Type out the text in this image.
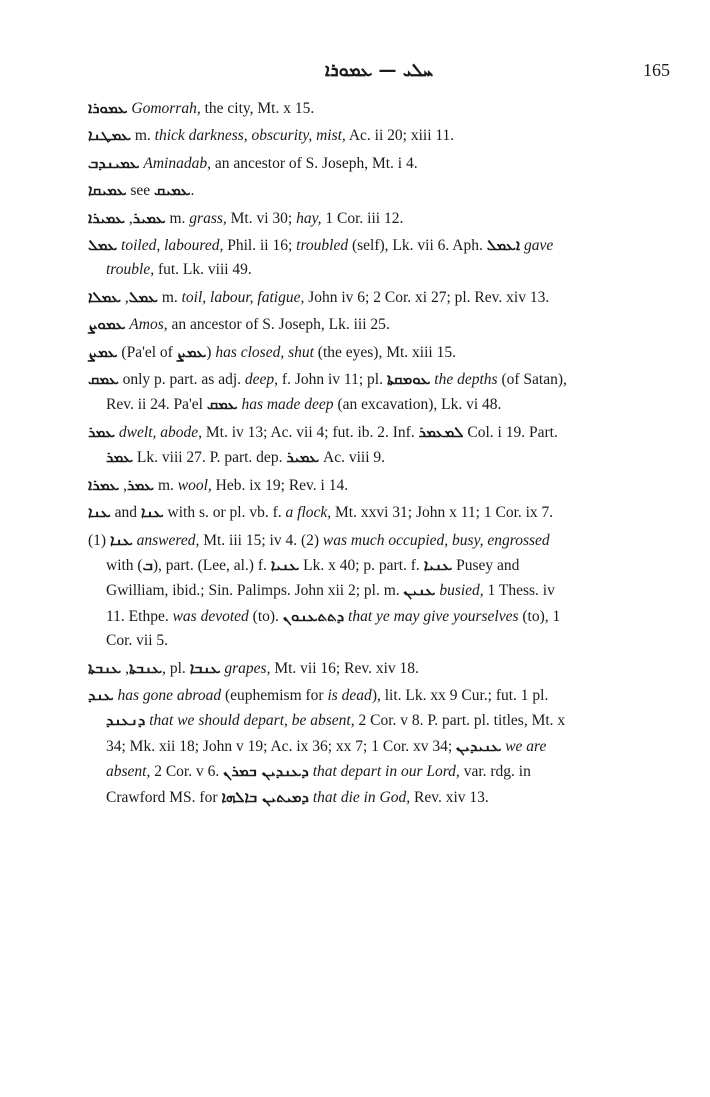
ܚܠܝ — ܥܡܘܪܐ	165
ܥܡܘܪܐ Gomorrah, the city, Mt. x 15.
ܥܡܛܢܐ m. thick darkness, obscurity, mist, Ac. ii 20; xiii 11.
ܥܡܝܢܕܒ Aminadab, an ancestor of S. Joseph, Mt. i 4.
ܥܡܝܩܐ see ܥܡܝܩ.
ܥܡܝܪ, ܥܡܝܪܐ	m. grass, Mt. vi 30; hay, 1 Cor. iii 12.
ܥܡܠ toiled, laboured, Phil. ii 16; troubled (self), Lk. vii 6. Aph. ܐܥܡܠ gave trouble, fut. Lk. viii 49.
ܥܡܠ, ܥܡܠܐ m. toil, labour, fatigue, John iv 6; 2 Cor. xi 27; pl. Rev. xiv 13.
ܥܡܘܨ Amos, an ancestor of S. Joseph, Lk. iii 25.
ܥܡܨ (Pa'el of ܥܡܨ) has closed, shut (the eyes), Mt. xiii 15.
ܥܡܩ only p. part. as adj. deep, f. John iv 11; pl. ܥܘܡܩܬܐ the depths (of Satan), Rev. ii 24. Pa'el ܥܡܩ has made deep (an excavation), Lk. vi 48.
ܥܡܪ dwelt, abode, Mt. iv 13; Ac. vii 4; fut. ib. 2. Inf. ܠܡܥܡܪ Col. i 19. Part. ܥܡܪ Lk. viii 27. P. part. dep. ܥܡܝܪ Ac. viii 9.
ܥܡܪ, ܥܡܪܐ m. wool, Heb. ix 19; Rev. i 14.
ܥܢܐ and ܥܢܐ with s. or pl. vb. f. a flock, Mt. xxvi 31; John x 11; 1 Cor. ix 7.
ܥܢܐ (1) answered, Mt. iii 15; iv 4. (2) was much occupied, busy, engrossed with (ܒ), part. (Lee, al.) f. ܥܢܝܐ Lk. x 40; p. part. f. ܥܢܝܐ Pusey and Gwilliam, ibid.; Sin. Palimps. John xii 2; pl. m. ܥܢܝܢ busied, 1 Thess. iv 11. Ethpe. was devoted (to). ܕܬܬܥܢܘܢ that ye may give yourselves (to), 1 Cor. vii 5.
ܥܢܒܬܐ, ܥܢܒܬܐ	, pl. ܥܢܒܐ grapes, Mt. vii 16; Rev. xiv 18.
ܥܢܕ has gone abroad (euphemism for is dead), lit. Lk. xx 9 Cur.; fut. 1 pl. ܕܢܥܢܕ that we should depart, be absent, 2 Cor. v 8. P. part. pl. titles, Mt. x 34; Mk. xii 18; John v 19; Ac. ix 36; xx 7; 1 Cor. xv 34; ܥܢܝܕܝܢ we are absent, 2 Cor. v 6. ܕܥܢܕܝܢ ܒܡܪܢ that depart in our Lord, var. rdg. in Crawford MS. for ܕܡܝܬܝܢ ܒܐܠܗܐ that die in God, Rev. xiv 13.
